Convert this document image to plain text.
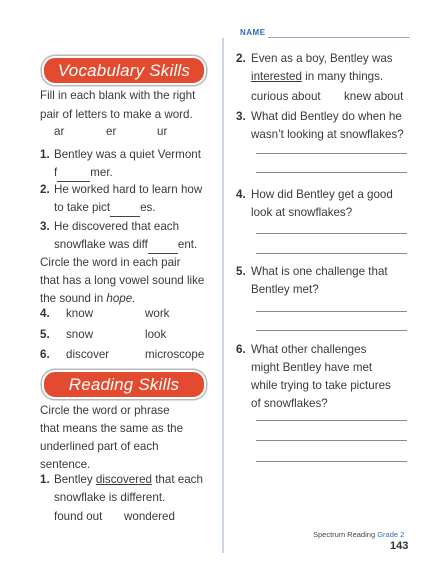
NAME
Vocabulary Skills
Fill in each blank with the right
pair of letters to make a word.
ar	er	ur
1. Bentley was a quiet Vermont
f	mer.
2. He worked hard to learn how
to take pict	es.
3. He discovered that each
snowflake was diff	ent.
Circle the word in each pair
that has a long vowel sound like
the sound in hope.
4. know	work
5. snow	look
6. discover	microscope
Reading Skills
Circle the word or phrase
that means the same as the
underlined part of each
sentence.
1. Bentley discovered that each
snowflake is different.
found out wondered
2. Even as a boy, Bentley was
interested in many things.
curious about knew about
3. What did Bentley do when he
wasn’t looking at snowflakes?
4. How did Bentley get a good
look at snowflakes?
5. What is one challenge that
Bentley met?
6. What other challenges
might Bentley have met
while trying to take pictures
of snowflakes?
Spectrum Reading Grade 2
143
